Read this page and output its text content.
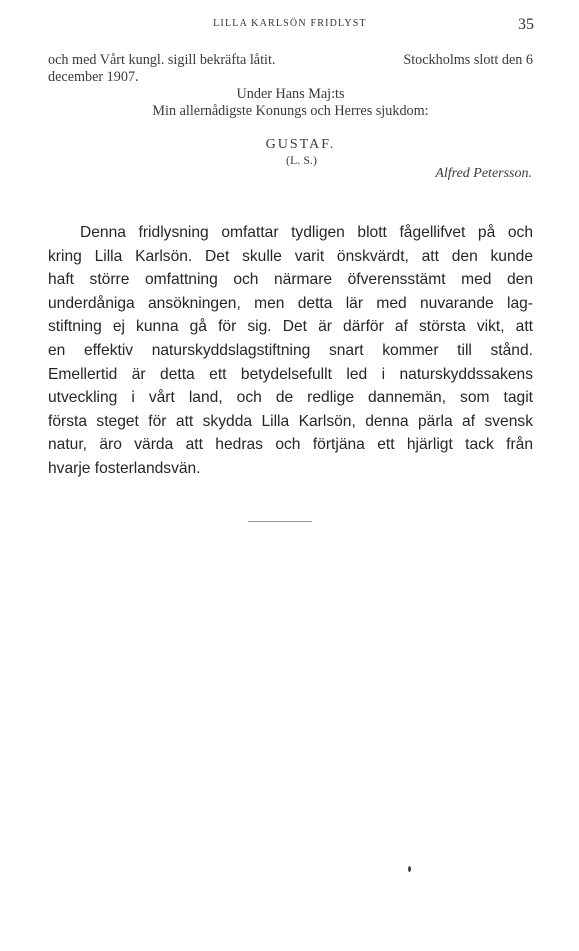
LILLA KARLSÖN FRIDLYST	35
och med Vårt kungl. sigill bekräfta låtit.	Stockholms slott den 6
december 1907.
Under Hans Maj:ts
Min allernådigste Konungs och Herres sjukdom:
GUSTAF.
(L. S.)
Alfred Petersson.
Denna fridlysning omfattar tydligen blott fågellifvet på och
kring Lilla Karlsön. Det skulle varit önskvärdt, att den kunde
haft större omfattning och närmare öfverensstämt med den
underdåniga ansökningen, men detta lär med nuvarande lag-
stiftning ej kunna gå för sig. Det är därför af största vikt, att
en effektiv naturskyddslagstiftning snart kommer till stånd.
Emellertid är detta ett betydelsefullt led i naturskyddssakens
utveckling i vårt land, och de redlige dannemän, som tagit
första steget för att skydda Lilla Karlsön, denna pärla af svensk
natur, äro värda att hedras och förtjäna ett hjärligt tack från
hvarje fosterlandsvän.
